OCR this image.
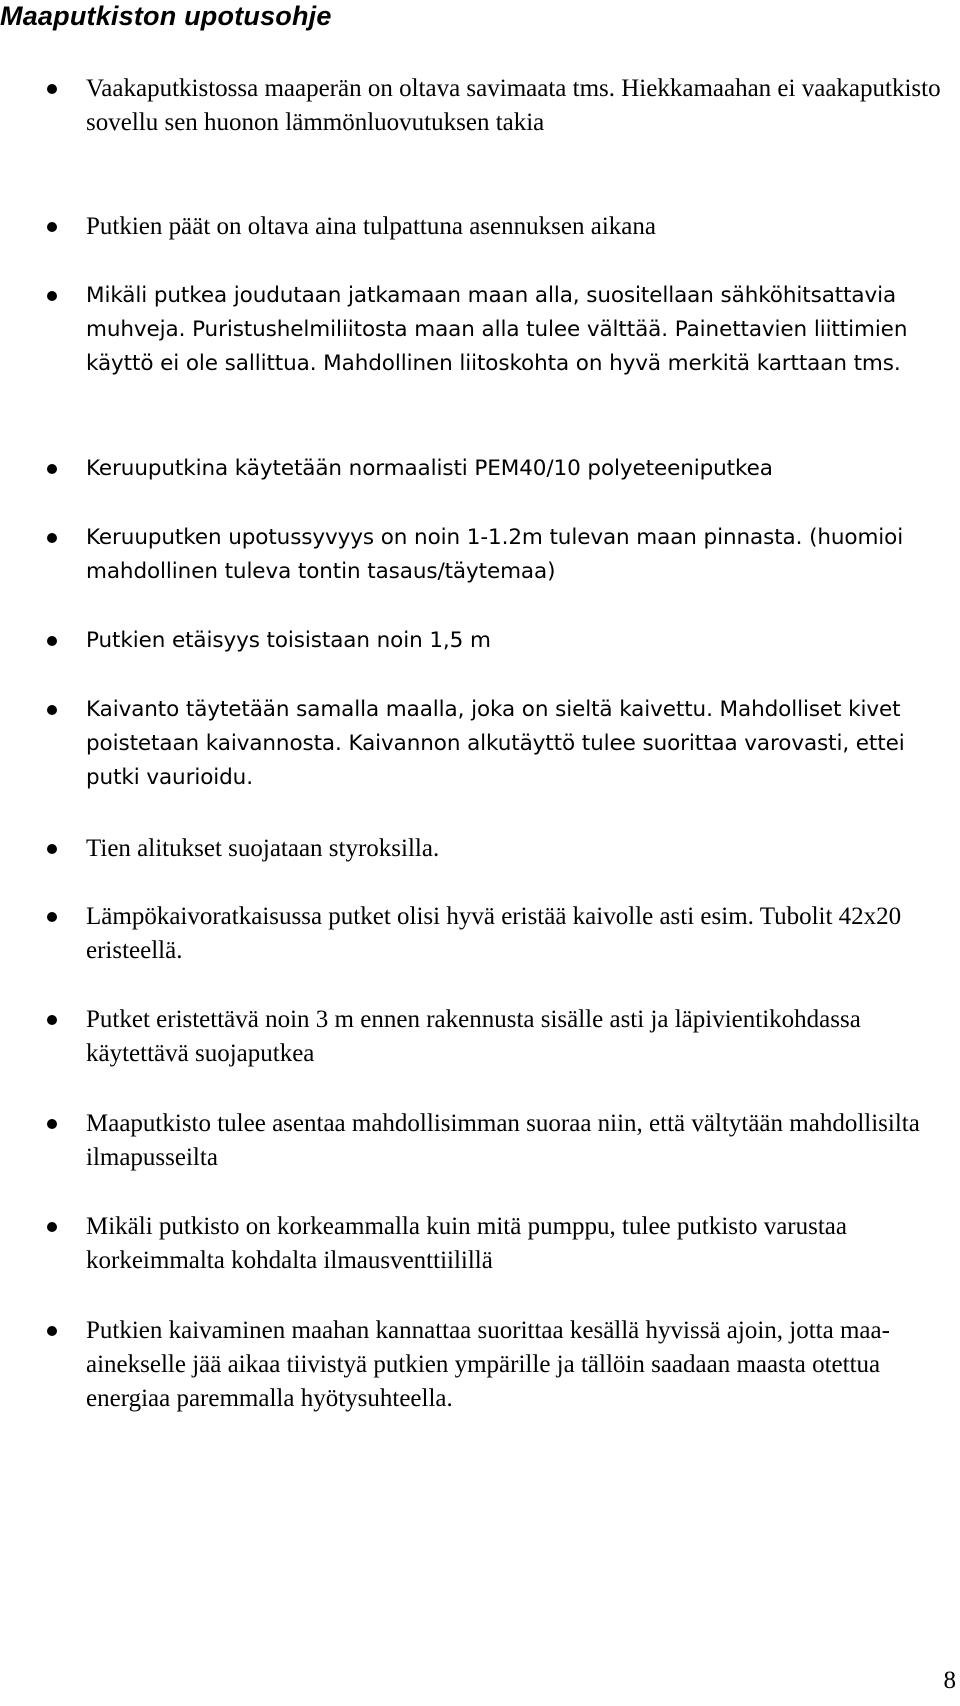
Maaputkiston upotusohje
Vaakaputkistossa maaperän on oltava savimaata tms. Hiekkamaahan ei vaakaputkisto sovellu sen huonon lämmönluovutuksen takia
Putkien päät on oltava aina tulpattuna asennuksen aikana
Mikäli putkea joudutaan jatkamaan maan alla, suositellaan sähköhitsattavia muhveja. Puristushelmiliitosta maan alla tulee välttää. Painettavien liittimien käyttö ei ole sallittua. Mahdollinen liitoskohta on hyvä merkitä karttaan tms.
Keruuputkina käytetään normaalisti PEM40/10 polyeteeniputkea
Keruuputken upotussyvyys on noin 1-1.2m tulevan maan pinnasta. (huomioi mahdollinen tuleva tontin tasaus/täytemaa)
Putkien etäisyys toisistaan noin 1,5 m
Kaivanto täytetään samalla maalla, joka on sieltä kaivettu. Mahdolliset kivet poistetaan kaivannosta. Kaivannon alkutäyttö tulee suorittaa varovasti, ettei putki vaurioidu.
Tien alitukset suojataan styroksilla.
Lämpökaivoratkaisussa putket olisi hyvä eristää kaivolle asti esim. Tubolit 42x20 eristeellä.
Putket eristettävä noin 3 m ennen rakennusta sisälle asti ja läpivientikohdassa käytettävä suojaputkea
Maaputkisto tulee asentaa mahdollisimman suoraa niin, että vältytään mahdollisilta ilmapusseilta
Mikäli putkisto on korkeammalla kuin mitä pumppu, tulee putkisto varustaa korkeimmalta kohdalta ilmausventtiilillä
Putkien kaivaminen maahan kannattaa suorittaa kesällä hyvissä ajoin, jotta maa-ainekselle jää aikaa tiivistyä putkien ympärille ja tällöin saadaan maasta otettua energiaa paremmalla hyötysuhteella.
8
